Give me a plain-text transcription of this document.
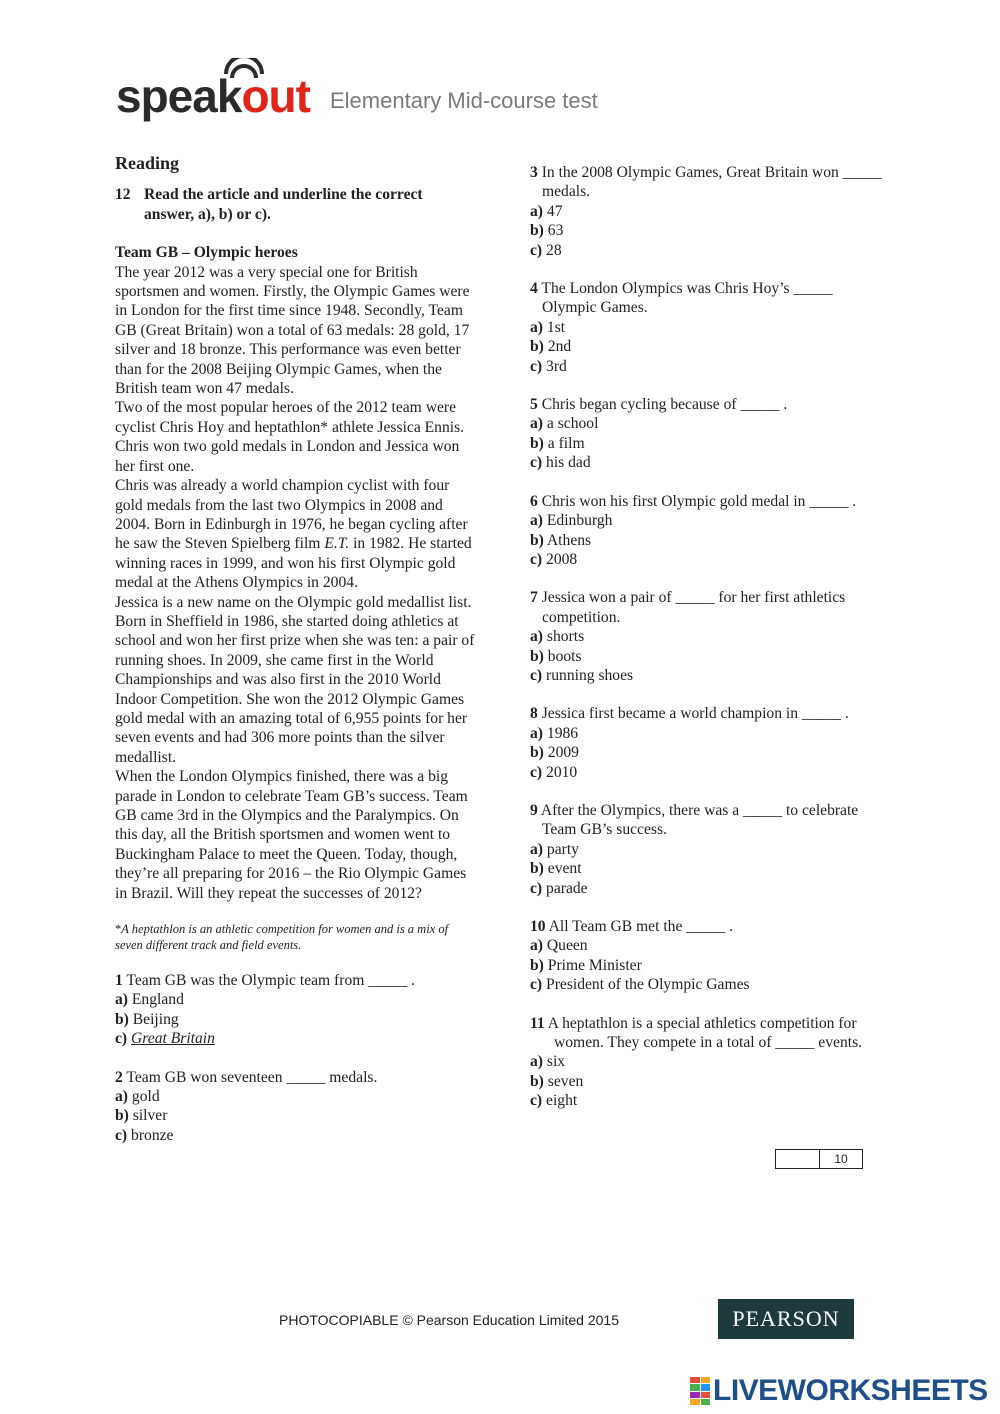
speakout Elementary Mid-course test
Reading
12 Read the article and underline the correct answer, a), b) or c).

Team GB – Olympic heroes

The year 2012 was a very special one for British sportsmen and women. Firstly, the Olympic Games were in London for the first time since 1948. Secondly, Team GB (Great Britain) won a total of 63 medals: 28 gold, 17 silver and 18 bronze. This performance was even better than for the 2008 Beijing Olympic Games, when the British team won 47 medals.

Two of the most popular heroes of the 2012 team were cyclist Chris Hoy and heptathlon* athlete Jessica Ennis. Chris won two gold medals in London and Jessica won her first one.

Chris was already a world champion cyclist with four gold medals from the last two Olympics in 2008 and 2004. Born in Edinburgh in 1976, he began cycling after he saw the Steven Spielberg film E.T. in 1982. He started winning races in 1999, and won his first Olympic gold medal at the Athens Olympics in 2004.

Jessica is a new name on the Olympic gold medallist list. Born in Sheffield in 1986, she started doing athletics at school and won her first prize when she was ten: a pair of running shoes. In 2009, she came first in the World Championships and was also first in the 2010 World Indoor Competition. She won the 2012 Olympic Games gold medal with an amazing total of 6,955 points for her seven events and had 306 more points than the silver medallist.

When the London Olympics finished, there was a big parade in London to celebrate Team GB’s success. Team GB came 3rd in the Olympics and the Paralympics. On this day, all the British sportsmen and women went to Buckingham Palace to meet the Queen. Today, though, they’re all preparing for 2016 – the Rio Olympic Games in Brazil. Will they repeat the successes of 2012?

*A heptathlon is an athletic competition for women and is a mix of seven different track and field events.
1 Team GB was the Olympic team from _____ .
a) England
b) Beijing
c) Great Britain
2 Team GB won seventeen _____ medals.
a) gold
b) silver
c) bronze
3 In the 2008 Olympic Games, Great Britain won _____ medals.
a) 47
b) 63
c) 28
4 The London Olympics was Chris Hoy’s _____ Olympic Games.
a) 1st
b) 2nd
c) 3rd
5 Chris began cycling because of _____ .
a) a school
b) a film
c) his dad
6 Chris won his first Olympic gold medal in _____ .
a) Edinburgh
b) Athens
c) 2008
7 Jessica won a pair of _____ for her first athletics competition.
a) shorts
b) boots
c) running shoes
8 Jessica first became a world champion in _____ .
a) 1986
b) 2009
c) 2010
9 After the Olympics, there was a _____ to celebrate Team GB’s success.
a) party
b) event
c) parade
10 All Team GB met the _____ .
a) Queen
b) Prime Minister
c) President of the Olympic Games
11 A heptathlon is a special athletics competition for women. They compete in a total of _____ events.
a) six
b) seven
c) eight
10
PHOTOCOPIABLE © Pearson Education Limited 2015	PEARSON
LIVEWORKSHEETS
